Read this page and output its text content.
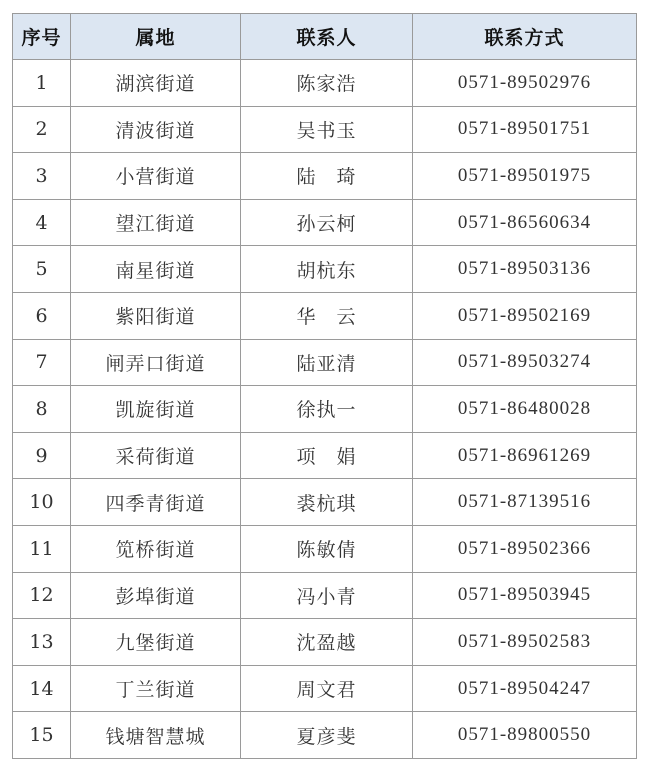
序号	属地	联系人	联系方式
1	湖滨街道	陈家浩	0571-89502976
2	清波街道	吴书玉	0571-89501751
3	小营街道	陆　琦	0571-89501975
4	望江街道	孙云柯	0571-86560634
5	南星街道	胡杭东	0571-89503136
6	紫阳街道	华　云	0571-89502169
7	闸弄口街道	陆亚清	0571-89503274
8	凯旋街道	徐执一	0571-86480028
9	采荷街道	项　娟	0571-86961269
10	四季青街道	裘杭琪	0571-87139516
11	笕桥街道	陈敏倩	0571-89502366
12	彭埠街道	冯小青	0571-89503945
13	九堡街道	沈盈越	0571-89502583
14	丁兰街道	周文君	0571-89504247
15	钱塘智慧城	夏彦斐	0571-89800550
